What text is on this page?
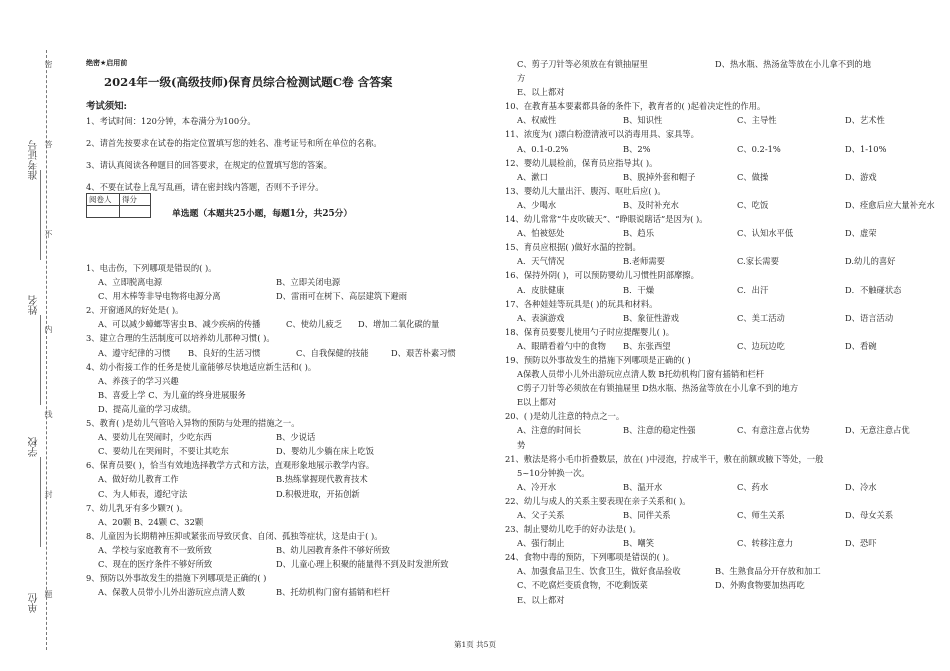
准考证号
姓名
学校
单位
密
封
线
不
内
答
题
绝密★启用前
2024年一级(高级技师)保育员综合检测试题C卷 含答案
考试须知:
1、考试时间：120分钟，本卷满分为100分。
2、请首先按要求在试卷的指定位置填写您的姓名、准考证号和所在单位的名称。
3、请认真阅读各种题目的回答要求，在规定的位置填写您的答案。
4、不要在试卷上乱写乱画，请在密封线内答题，否则不予评分。
阅卷人	得分

单选题（本题共25小题，每题1分，共25分）
1、电击伤，下列哪项是错误的( )。
A、立即脱离电源	B、立即关闭电源
C、用木棒等非导电物将电源分离	D、雷雨可在树下、高层建筑下避雨
2、开窗通风的好处是( )。
A、可以减少蟑螂等害虫 B、减少疾病的传播	C、使幼儿疲乏 D、增加二氧化碳的量
3、建立合理的生活制度可以培养幼儿那种习惯( )。
A、遵守纪律的习惯 B、良好的生活习惯	C、自我保健的技能	D、艰苦朴素习惯
4、幼小衔接工作的任务是使儿童能够尽快地适应新生活和( )。
A、养孩子的学习兴趣
B、喜爱上学 C、为儿童的终身进展服务
D、提高儿童的学习成绩。
5、教育( )是幼儿气管哈入异物的预防与处理的措施之一。
A、要幼儿在哭闹时，少吃东西	B、少说话
C、要幼儿在哭闹时，不要让其吃东	D、婴幼儿少躺在床上吃饭
6、保育员要( )，恰当有效地选择教学方式和方法，直观形象地展示教学内容。
A、做好幼儿教育工作	B.热练掌握现代教育技术
C、为人师表，遵纪守法	D.积极进取，开拓创新
7、幼儿乳牙有多少颗?( )。
A、20颗 B、24颗 C、32颗
8、儿童因为长期精神压抑或紧张而导致厌食、自闭、孤独等症状，这是由于( )。
A、学校与家庭教育不一致所致	B、幼儿园教育条件不够好所致
C、现在的医疗条件不够好所致	D、儿童心理上积聚的能量得不到及时发泄所致
9、预防以外事故发生的措施下列哪项是正确的( )
A、保教人员带小儿外出游玩应点清人数	B、托幼机构门窗有插销和栏杆
C、剪子刀针等必须放在有锁抽屉里	D、热水瓶、热汤盆等放在小儿拿不到的地
方
E、以上都对
10、在教育基本要素都具备的条件下，教育者的( )起着决定性的作用。
A、权威性	B、知识性	C、主导性	D、艺术性
11、浓度为( )漂白粉澄清液可以消毒用具、家具等。
A、0.1-0.2%	B、2%	C、0.2-1%	D、1-10%
12、婴幼儿晨检前，保育员应指导其( )。
A、漱口	B、脱掉外套和帽子	C、做操	D、游戏
13、婴幼儿大量出汗、腹泻、呕吐后应( )。
A、少喝水	B、及时补充水	C、吃饭	D、痊愈后应大量补充水
14、幼儿常常“牛皮吹破天”、“睁眼说瞎话”是因为( )。
A、怕被惩处	B、趋乐	C、认知水平低	D、虚荣
15、育员应根据( )做好水温的控制。
A．天气情况	B.老师需要	C.家长需要	D.幼儿的喜好
16、保持外阴( )，可以预防婴幼儿习惯性阴部摩擦。
A．皮肤健康	B．干燥	C．出汗	D．不触碰状态
17、各种娃娃等玩具是( )的玩具和材料。
A、表演游戏	B、象征性游戏	C、美工活动	D、语言活动
18、保育员要婴儿使用勺子时应提醒婴儿( )。
A、眼睛看着勺中的食物 B、东张西望	C、边玩边吃	D、看碗
19、预防以外事故发生的措施下列哪项是正确的( )
A保教人员带小儿外出游玩应点清人数 B托幼机构门窗有插销和栏杆
C剪子刀针等必须放在有锁抽屉里 D热水瓶、热汤盆等放在小儿拿不到的地方
E以上都对
20、( )是幼儿注意的特点之一。
A、注意的时间长	B、注意的稳定性强	C、有意注意占优势	D、无意注意占优
势
21、敷法是将小毛巾折叠数层，放在( )中浸泡，拧成半干，敷在前额或腋下等处，一般
5~10分钟换一次。
A、冷开水	B、温开水	C、药水	D、冷水
22、幼儿与成人的关系主要表现在亲子关系和( )。
A、父子关系	B、同伴关系	C、师生关系	D、母女关系
23、制止婴幼儿吃手的好办法是( )。
A、强行制止	B、嘲笑	C、转移注意力	D、恐吓
24、食物中毒的预防，下列哪项是错误的( )。
A、加强食品卫生、饮食卫生，做好食品验收	B、生熟食品分开存放和加工
C、不吃腐烂变质食物，不吃剩饭菜	D、外购食物要加热再吃
E、以上都对
第1页 共5页
